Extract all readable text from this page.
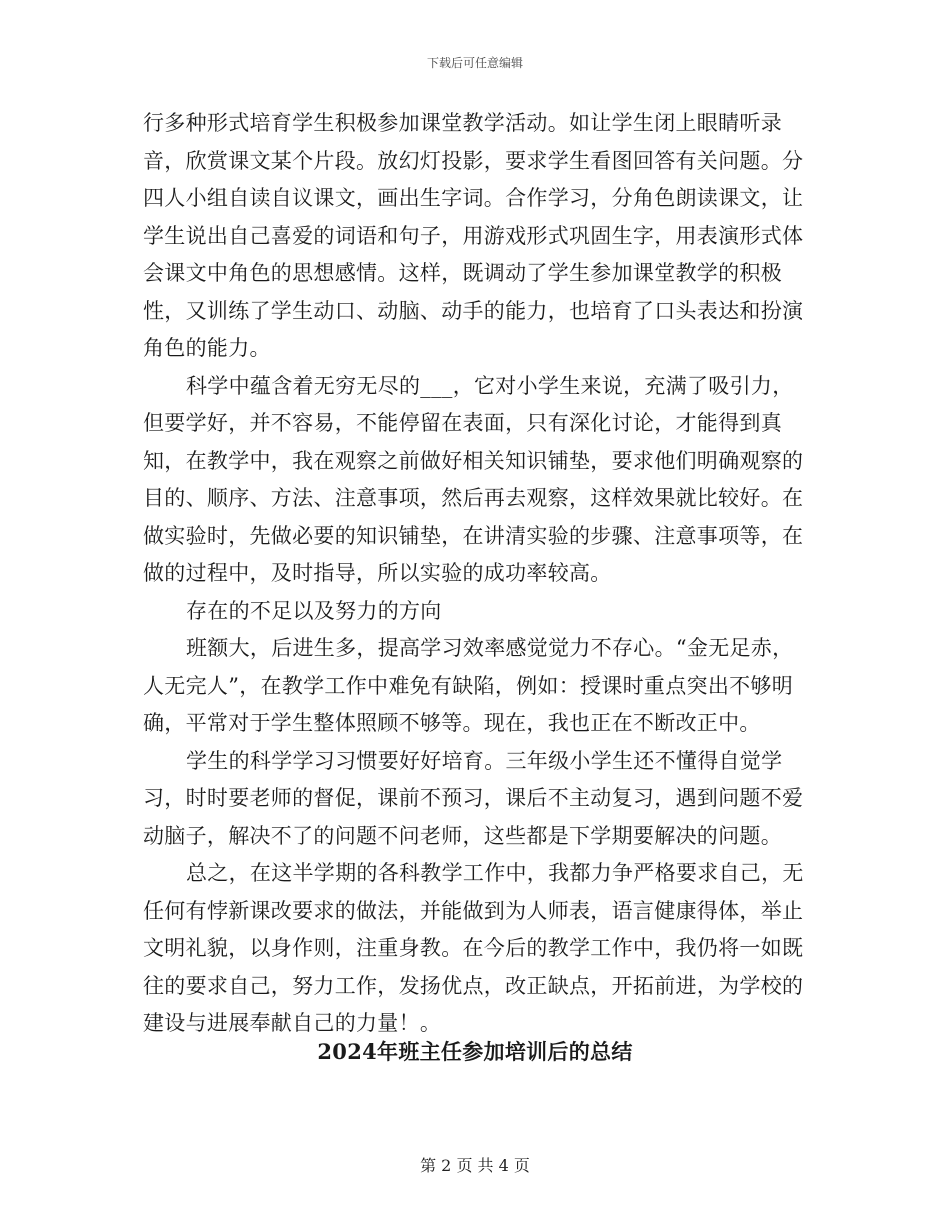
下载后可任意编辑

行多种形式培育学生积极参加课堂教学活动。如让学生闭上眼睛听录音，欣赏课文某个片段。放幻灯投影，要求学生看图回答有关问题。分四人小组自读自议课文，画出生字词。合作学习，分角色朗读课文，让学生说出自己喜爱的词语和句子，用游戏形式巩固生字，用表演形式体会课文中角色的思想感情。这样，既调动了学生参加课堂教学的积极性，又训练了学生动口、动脑、动手的能力，也培育了口头表达和扮演角色的能力。

科学中蕴含着无穷无尽的___，它对小学生来说，充满了吸引力，但要学好，并不容易，不能停留在表面，只有深化讨论，才能得到真知，在教学中，我在观察之前做好相关知识铺垫，要求他们明确观察的目的、顺序、方法、注意事项，然后再去观察，这样效果就比较好。在做实验时，先做必要的知识铺垫，在讲清实验的步骤、注意事项等，在做的过程中，及时指导，所以实验的成功率较高。

存在的不足以及努力的方向

班额大，后进生多，提高学习效率感觉觉力不存心。“金无足赤，人无完人”，在教学工作中难免有缺陷，例如：授课时重点突出不够明确，平常对于学生整体照顾不够等。现在，我也正在不断改正中。

学生的科学学习习惯要好好培育。三年级小学生还不懂得自觉学习，时时要老师的督促，课前不预习，课后不主动复习，遇到问题不爱动脑子，解决不了的问题不问老师，这些都是下学期要解决的问题。

总之，在这半学期的各科教学工作中，我都力争严格要求自己，无任何有悖新课改要求的做法，并能做到为人师表，语言健康得体，举止文明礼貌，以身作则，注重身教。在今后的教学工作中，我仍将一如既往的要求自己，努力工作，发扬优点，改正缺点，开拓前进，为学校的建设与进展奉献自己的力量！。

2024年班主任参加培训后的总结
第 2 页 共 4 页
